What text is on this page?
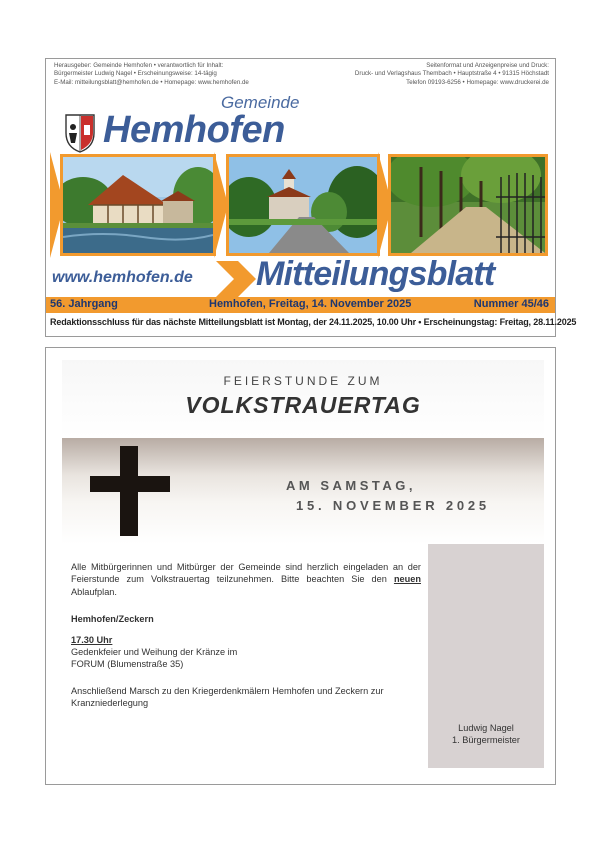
Herausgeber: Gemeinde Hemhofen • verantwortlich für Inhalt:
Bürgermeister Ludwig Nagel • Erscheinungsweise: 14-tägig
E-Mail: mitteilungsblatt@hemhofen.de • Homepage: www.hemhofen.de
Seitenformat und Anzeigenpreise und Druck:
Druck- und Verlagshaus Thembach • Hauptstraße 4 • 91315 Höchstadt
Telefon 09193-6256 • Homepage: www.druckerei.de
Gemeinde
Hemhofen
www.hemhofen.de Mitteilungsblatt
56. Jahrgang	Hemhofen, Freitag, 14. November 2025	Nummer 45/46
Redaktionsschluss für das nächste Mitteilungsblatt ist Montag, der 24.11.2025, 10.00 Uhr • Erscheinungstag: Freitag, 28.11.2025
FEIERSTUNDE ZUM
VOLKSTRAUERTAG
AM SAMSTAG,
15. NOVEMBER 2025
Alle Mitbürgerinnen und Mitbürger der Gemeinde sind herzlich eingeladen an der Feierstunde zum Volkstrauertag teilzunehmen. Bitte beachten Sie den neuen Ablaufplan.
Hemhofen/Zeckern
17.30 Uhr
Gedenkfeier und Weihung der Kränze im
FORUM (Blumenstraße 35)
Anschließend Marsch zu den Kriegerdenkmälern Hemhofen und Zeckern zur Kranzniederlegung
Ludwig Nagel
1. Bürgermeister
